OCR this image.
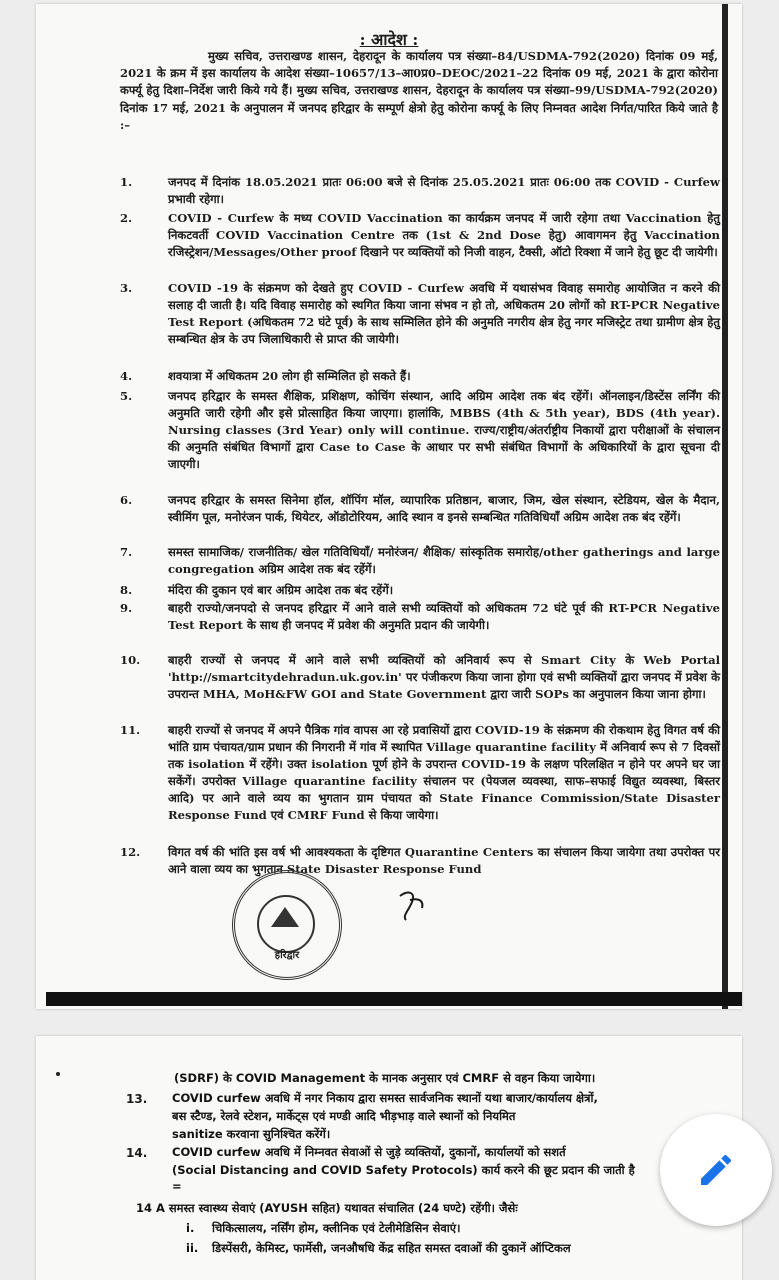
: आदेश :
मुख्य सचिव, उत्तराखण्ड शासन, देहरादून के कार्यालय पत्र संख्या–84/USDMA-792(2020) दिनांक 09 मई, 2021 के क्रम में इस कार्यालय के आदेश संख्या–10657/13–आ0प्र0–DEOC/2021–22 दिनांक 09 मई, 2021 के द्वारा कोरोना कर्फ्यू हेतु दिशा–निर्देश जारी किये गये हैं। मुख्य सचिव, उत्तराखण्ड शासन, देहरादून के कार्यालय पत्र संख्या–99/USDMA-792(2020) दिनांक 17 मई, 2021 के अनुपालन में जनपद हरिद्वार के सम्पूर्ण क्षेत्रो हेतु कोरोना कर्फ्यू के लिए निम्नवत आदेश निर्गत/पारित किये जाते है :–
1.	जनपद में दिनांक 18.05.2021 प्रातः 06:00 बजे से दिनांक 25.05.2021 प्रातः 06:00 तक COVID - Curfew प्रभावी रहेगा।
2.	COVID - Curfew के मध्य COVID Vaccination का कार्यक्रम जनपद में जारी रहेगा तथा Vaccination हेतु निकटवर्ती COVID Vaccination Centre तक (1st & 2nd Dose हेतु) आवागमन हेतु Vaccination रजिस्ट्रेशन/Messages/Other proof दिखाने पर व्यक्तियों को निजी वाहन, टैक्सी, ऑटो रिक्शा में जाने हेतु छूट दी जायेगी।
3.	COVID -19 के संक्रमण को देखते हुए COVID - Curfew अवधि में यथासंभव विवाह समारोह आयोजित न करने की सलाह दी जाती है। यदि विवाह समारोह को स्थगित किया जाना संभव न हो तो, अधिकतम 20 लोगों को RT-PCR Negative Test Report (अधिकतम 72 घंटे पूर्व) के साथ सम्मिलित होने की अनुमति नगरीय क्षेत्र हेतु नगर मजिस्ट्रेट तथा ग्रामीण क्षेत्र हेतु सम्बन्धित क्षेत्र के उप जिलाधिकारी से प्राप्त की जायेगी।
4.	शवयात्रा में अधिकतम 20 लोग ही सम्मिलित हो सकते हैं।
5.	जनपद हरिद्वार के समस्त शैक्षिक, प्रशिक्षण, कोचिंग संस्थान, आदि अग्रिम आदेश तक बंद रहेंगें। ऑनलाइन/डिस्टेंस लर्निंग की अनुमति जारी रहेगी और इसे प्रोत्साहित किया जाएगा। हालांकि, MBBS (4th & 5th year), BDS (4th year). Nursing classes (3rd Year) only will continue. राज्य/राष्ट्रीय/अंतर्राष्ट्रीय निकायों द्वारा परीक्षाओं के संचालन की अनुमति संबंधित विभागों द्वारा Case to Case के आधार पर सभी संबंधित विभागों के अधिकारियों के द्वारा सूचना दी जाएगी।
6.	जनपद हरिद्वार के समस्त सिनेमा हॉल, शॉपिंग मॉल, व्यापारिक प्रतिष्ठान, बाजार, जिम, खेल संस्थान, स्टेडियम, खेल के मैदान, स्वीमिंग पूल, मनोरंजन पार्क, थियेटर, ऑडोटोरियम, आदि स्थान व इनसे सम्बन्धित गतिविधियाँ अग्रिम आदेश तक बंद रहेंगें।
7.	समस्त सामाजिक/ राजनीतिक/ खेल गतिविधियाँ/ मनोरंजन/ शैक्षिक/ सांस्कृतिक समारोह/other gatherings and large congregation अग्रिम आदेश तक बंद रहेंगें।
8.	मंदिरा की दुकान एवं बार अग्रिम आदेश तक बंद रहेंगें।
9.	बाहरी राज्यो/जनपदो से जनपद हरिद्वार में आने वाले सभी व्यक्तियों को अधिकतम 72 घंटे पूर्व की RT-PCR Negative Test Report के साथ ही जनपद में प्रवेश की अनुमति प्रदान की जायेगी।
10.	बाहरी राज्यों से जनपद में आने वाले सभी व्यक्तियों को अनिवार्य रूप से Smart City के Web Portal 'http://smartcitydehradun.uk.gov.in' पर पंजीकरण किया जाना होगा एवं सभी व्यक्तियों द्वारा जनपद में प्रवेश के उपरान्त MHA, MoH&FW GOI and State Government द्वारा जारी SOPs का अनुपालन किया जाना होगा।
11.	बाहरी राज्यों से जनपद में अपने पैत्रिक गांव वापस आ रहे प्रवासियों द्वारा COVID-19 के संक्रमण की रोकथाम हेतु विगत वर्ष की भांति ग्राम पंचायत/ग्राम प्रधान की निगरानी में गांव में स्थापित Village quarantine facility में अनिवार्य रूप से 7 दिवसों तक isolation में रहेंगे। उक्त isolation पूर्ण होने के उपरान्त COVID-19 के लक्षण परिलक्षित न होने पर अपने घर जा सकेंगें। उपरोक्त Village quarantine facility संचालन पर (पेयजल व्यवस्था, साफ–सफाई विद्युत व्यवस्था, बिस्तर आदि) पर आने वाले व्यय का भुगतान ग्राम पंचायत को State Finance Commission/State Disaster Response Fund एवं CMRF Fund से किया जायेगा।
12.	विगत वर्ष की भांति इस वर्ष भी आवश्यकता के दृष्टिगत Quarantine Centers का संचालन किया जायेगा तथा उपरोक्त पर आने वाला व्यय का भुगतान State Disaster Response Fund
हरिद्वार
(SDRF) के COVID Management के मानक अनुसार एवं CMRF से वहन किया जायेगा।
13. COVID curfew अवधि में नगर निकाय द्वारा समस्त सार्वजनिक स्थानों यथा बाजार/कार्यालय क्षेत्रों,
बस स्टैण्ड, रेलवे स्टेशन, मार्केट्स एवं मण्डी आदि भीड़भाड़ वाले स्थानों को नियमित
sanitize करवाना सुनिश्चित करेंगें।
14. COVID curfew अवधि में निम्नवत सेवाओं से जुड़े व्यक्तियों, दुकानों, कार्यालयों को सशर्त
(Social Distancing and COVID Safety Protocols) कार्य करने की छूट प्रदान की जाती है
=
14 A समस्त स्वास्थ्य सेवाएं (AYUSH सहित) यथावत संचालित (24 घण्टे) रहेंगी। जैसेः
i. चिकित्सालय, नर्सिंग होम, क्लीनिक एवं टेलीमेडिसिन सेवाएं।
ii. डिस्पेंसरी, केमिस्ट, फार्मेसी, जनऔषधि केंद्र सहित समस्त दवाओं की दुकानें ऑप्टिकल
